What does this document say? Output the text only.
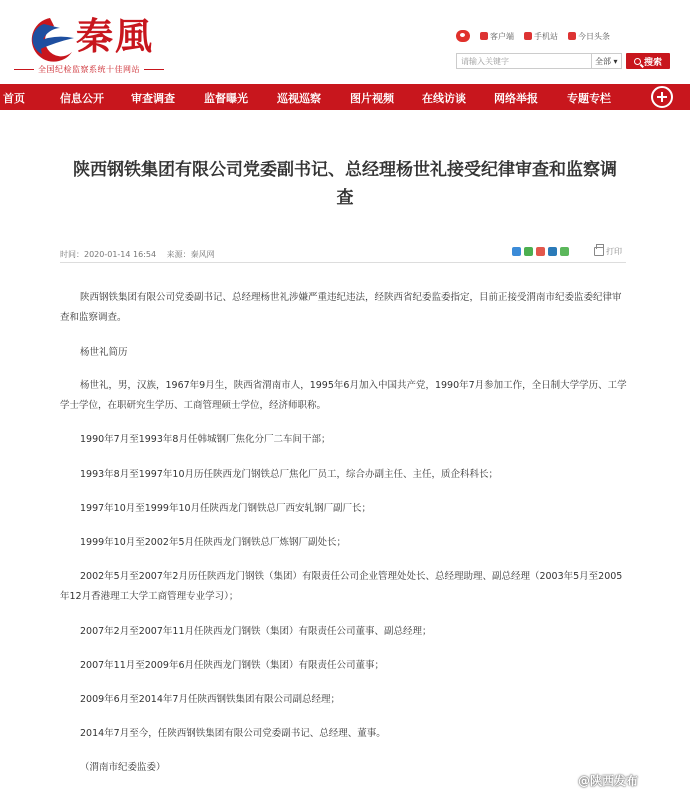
秦風
全国纪检监察系统十佳网站
客户端	手机站	今日头条
请输入关键字	全部 ▾	搜索
首页	信息公开 审查调查	监督曝光	巡视巡察	图片视频	在线访谈	网络举报	专题专栏
陕西钢铁集团有限公司党委副书记、总经理杨世礼接受纪律审查和监察调查
时间：2020-01-14 16:54 来源：秦风网	打印

陕西钢铁集团有限公司党委副书记、总经理杨世礼涉嫌严重违纪违法，经陕西省纪委监委指定，目前正接受渭南市纪委监委纪律审查和监察调查。

杨世礼简历

杨世礼，男，汉族，1967年9月生，陕西省渭南市人，1995年6月加入中国共产党，1990年7月参加工作，全日制大学学历、工学学士学位，在职研究生学历、工商管理硕士学位，经济师职称。

1990年7月至1993年8月任韩城钢厂焦化分厂二车间干部；

1993年8月至1997年10月历任陕西龙门钢铁总厂焦化厂员工，综合办副主任、主任，质企科科长；

1997年10月至1999年10月任陕西龙门钢铁总厂西安轧钢厂副厂长；

1999年10月至2002年5月任陕西龙门钢铁总厂炼钢厂副处长；

2002年5月至2007年2月历任陕西龙门钢铁（集团）有限责任公司企业管理处处长、总经理助理、副总经理（2003年5月至2005年12月香港理工大学工商管理专业学习）；

2007年2月至2007年11月任陕西龙门钢铁（集团）有限责任公司董事、副总经理；

2007年11月至2009年6月任陕西龙门钢铁（集团）有限责任公司董事；

2009年6月至2014年7月任陕西钢铁集团有限公司副总经理；

2014年7月至今，任陕西钢铁集团有限公司党委副书记、总经理、董事。

（渭南市纪委监委）

@陕西发布
